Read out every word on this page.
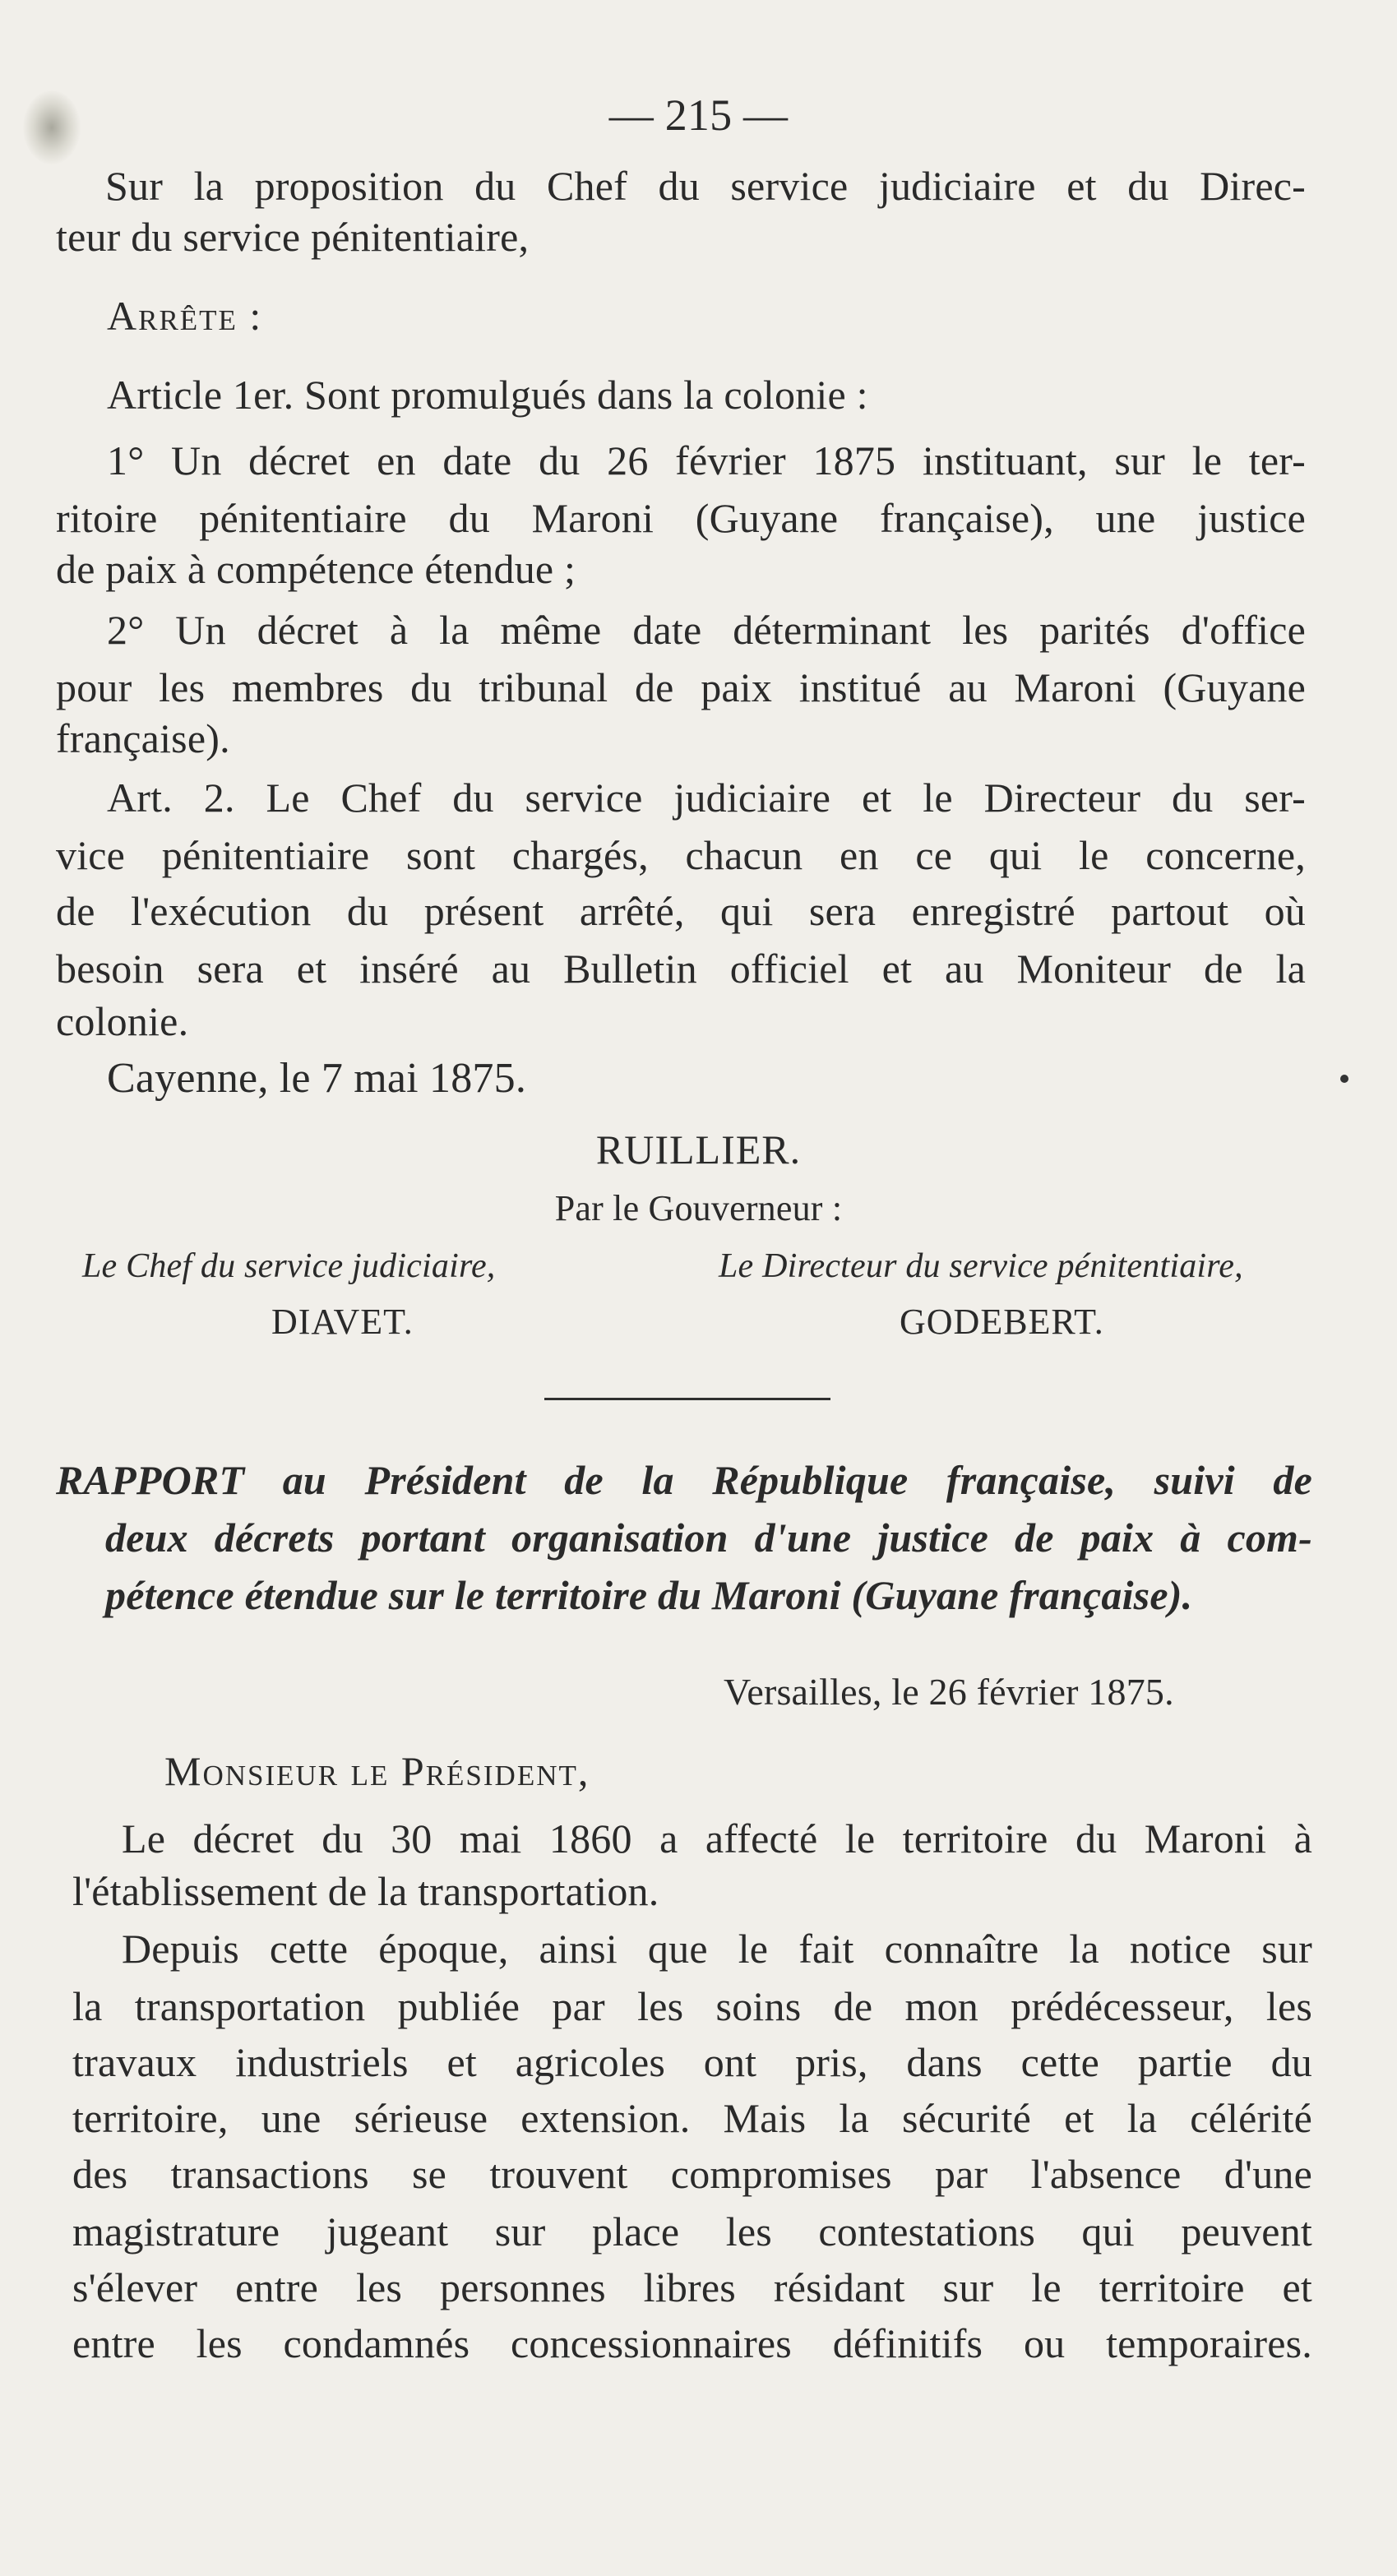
— 215 —
Sur la proposition du Chef du service judiciaire et du Direc-
teur du service pénitentiaire,
Arrête :
Article 1er. Sont promulgués dans la colonie :
1° Un décret en date du 26 février 1875 instituant, sur le ter-
ritoire pénitentiaire du Maroni (Guyane française), une justice
de paix à compétence étendue ;
2° Un décret à la même date déterminant les parités d'office
pour les membres du tribunal de paix institué au Maroni (Guyane
française).
Art. 2. Le Chef du service judiciaire et le Directeur du ser-
vice pénitentiaire sont chargés, chacun en ce qui le concerne,
de l'exécution du présent arrêté, qui sera enregistré partout où
besoin sera et inséré au Bulletin officiel et au Moniteur de la
colonie.
Cayenne, le 7 mai 1875.
RUILLIER.
Par le Gouverneur :
Le Chef du service judiciaire,	Le Directeur du service pénitentiaire,
DIAVET.	GODEBERT.
RAPPORT au Président de la République française, suivi de
deux décrets portant organisation d'une justice de paix à com-
pétence étendue sur le territoire du Maroni (Guyane française).
Versailles, le 26 février 1875.
Monsieur le Président,
Le décret du 30 mai 1860 a affecté le territoire du Maroni à
l'établissement de la transportation.
Depuis cette époque, ainsi que le fait connaître la notice sur
la transportation publiée par les soins de mon prédécesseur, les
travaux industriels et agricoles ont pris, dans cette partie du
territoire, une sérieuse extension. Mais la sécurité et la célérité
des transactions se trouvent compromises par l'absence d'une
magistrature jugeant sur place les contestations qui peuvent
s'élever entre les personnes libres résidant sur le territoire et
entre les condamnés concessionnaires définitifs ou temporaires.
